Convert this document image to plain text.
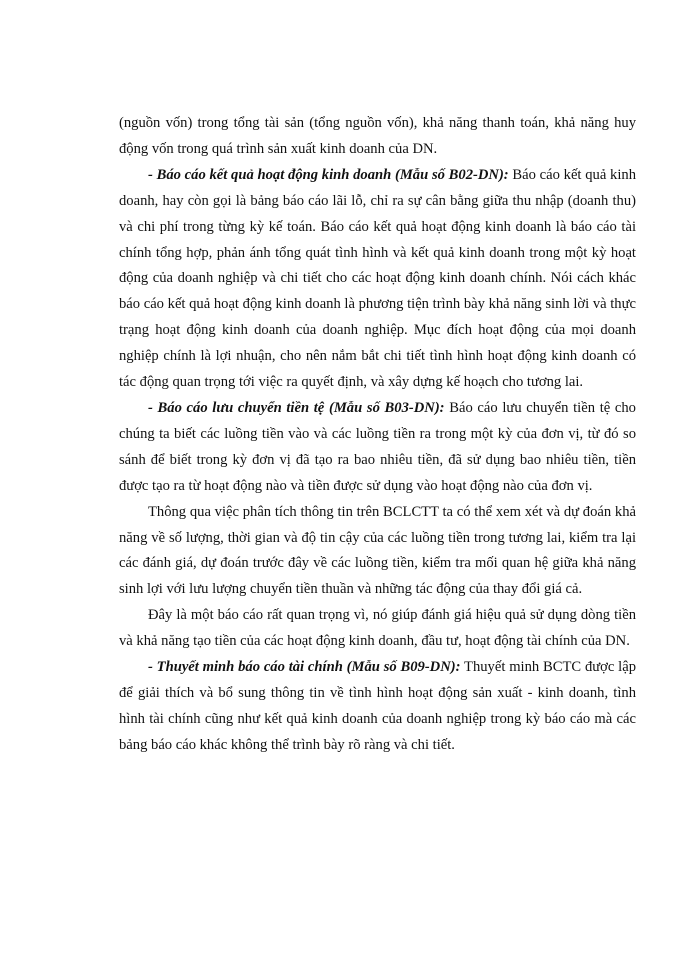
(nguồn vốn) trong tổng tài sản (tổng nguồn vốn), khả năng thanh toán, khả năng huy động vốn trong quá trình sản xuất kinh doanh của DN.

- Báo cáo kết quả hoạt động kinh doanh (Mẫu số B02-DN): Báo cáo kết quả kinh doanh, hay còn gọi là bảng báo cáo lãi lỗ, chỉ ra sự cân bằng giữa thu nhập (doanh thu) và chi phí trong từng kỳ kế toán. Báo cáo kết quả hoạt động kinh doanh là báo cáo tài chính tổng hợp, phản ánh tổng quát tình hình và kết quả kinh doanh trong một kỳ hoạt động của doanh nghiệp và chi tiết cho các hoạt động kinh doanh chính. Nói cách khác báo cáo kết quả hoạt động kinh doanh là phương tiện trình bày khả năng sinh lời và thực trạng hoạt động kinh doanh của doanh nghiệp. Mục đích hoạt động của mọi doanh nghiệp chính là lợi nhuận, cho nên nắm bắt chi tiết tình hình hoạt động kinh doanh có tác động quan trọng tới việc ra quyết định, và xây dựng kế hoạch cho tương lai.

- Báo cáo lưu chuyển tiền tệ (Mẫu số B03-DN): Báo cáo lưu chuyển tiền tệ cho chúng ta biết các luồng tiền vào và các luồng tiền ra trong một kỳ của đơn vị, từ đó so sánh để biết trong kỳ đơn vị đã tạo ra bao nhiêu tiền, đã sử dụng bao nhiêu tiền, tiền được tạo ra từ hoạt động nào và tiền được sử dụng vào hoạt động nào của đơn vị.

Thông qua việc phân tích thông tin trên BCLCTT ta có thể xem xét và dự đoán khả năng về số lượng, thời gian và độ tin cậy của các luồng tiền trong tương lai, kiểm tra lại các đánh giá, dự đoán trước đây về các luồng tiền, kiểm tra mối quan hệ giữa khả năng sinh lợi với lưu lượng chuyển tiền thuần và những tác động của thay đổi giá cả.

Đây là một báo cáo rất quan trọng vì, nó giúp đánh giá hiệu quả sử dụng dòng tiền và khả năng tạo tiền của các hoạt động kinh doanh, đầu tư, hoạt động tài chính của DN.

- Thuyết minh báo cáo tài chính (Mẫu số B09-DN): Thuyết minh BCTC được lập để giải thích và bổ sung thông tin về tình hình hoạt động sản xuất - kinh doanh, tình hình tài chính cũng như kết quả kinh doanh của doanh nghiệp trong kỳ báo cáo mà các bảng báo cáo khác không thể trình bày rõ ràng và chi tiết.
